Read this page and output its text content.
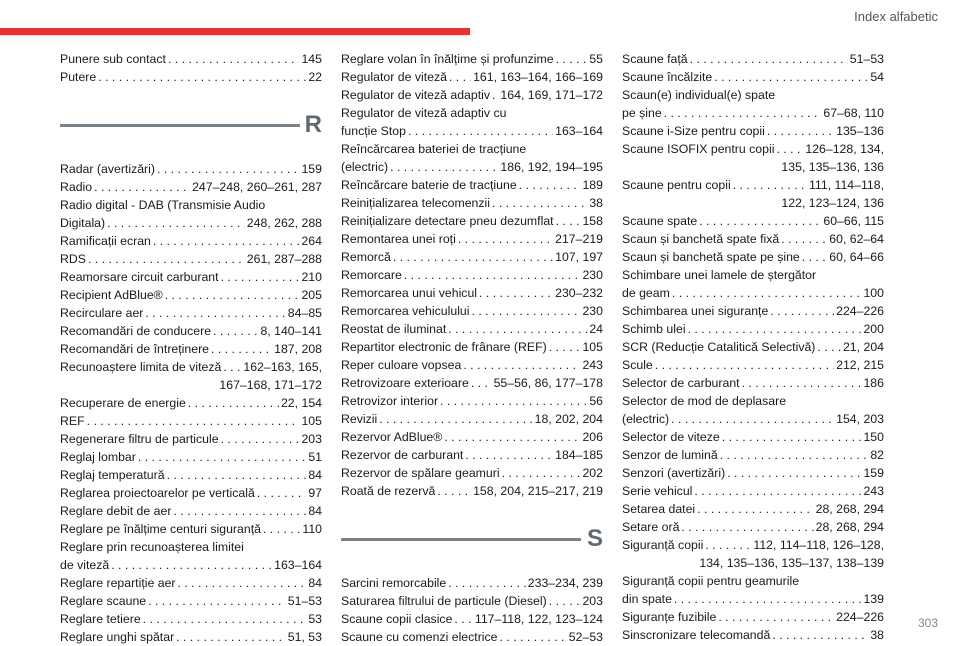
Index alfabetic
Punere sub contact . . .	145
Putere . . .	22
R
Radar (avertizări) . . .	159
Radio . . .	247–248, 260–261, 287
Radio digital - DAB (Transmisie Audio
Digitala) . . .	248, 262, 288
Ramificații ecran . . .	264
RDS . . .	261, 287–288
Reamorsare circuit carburant . . .	210
Recipient AdBlue® . . .	205
Recirculare aer . . .	84–85
Recomandări de conducere . . .	8, 140–141
Recomandări de întreținere . . .	187, 208
Recunoaștere limita de viteză . . . 162–163, 165,
167–168, 171–172
Recuperare de energie . . .	22, 154
REF . . .	105
Regenerare filtru de particule . . .	203
Reglaj lombar . . .	51
Reglaj temperatură . . .	84
Reglarea proiectoarelor pe verticală . . .	97
Reglare debit de aer . . .	84
Reglare pe înălțime centuri siguranță . . .	110
Reglare prin recunoașterea limitei
de viteză . . .	163–164
Reglare repartiție aer . . .	84
Reglare scaune . . .	51–53
Reglare tetiere . . .	53
Reglare unghi spătar . . .	51, 53
Reglare volan în înălțime și profunzime . . .	55
Regulator de viteză . . . 161, 163–164, 166–169
Regulator de viteză adaptiv . . . 164, 169, 171–172
Regulator de viteză adaptiv cu
funcție Stop . . .	163–164
Reîncărcarea bateriei de tracțiune
(electric) . . .	186, 192, 194–195
Reîncărcare baterie de tracțiune . . .	189
Reinițializarea telecomenzii . . .	38
Reinițializare detectare pneu dezumflat . . . 158
Remontarea unei roți . . .	217–219
Remorcă . . .	107, 197
Remorcare . . .	230
Remorcarea unui vehicul . . .	230–232
Remorcarea vehiculului . . .	230
Reostat de iluminat . . .	24
Repartitor electronic de frânare (REF) . . .	105
Reper culoare vopsea . . .	243
Retrovizoare exterioare . . . 55–56, 86, 177–178
Retrovizor interior . . .	56
Revizii . . .	18, 202, 204
Rezervor AdBlue® . . .	206
Rezervor de carburant . . .	184–185
Rezervor de spălare geamuri . . .	202
Roată de rezervă . . .	158, 204, 215–217, 219
S
Sarcini remorcabile . . .	233–234, 239
Saturarea filtrului de particule (Diesel) . . .	203
Scaune copii clasice . . . 117–118, 122, 123–124
Scaune cu comenzi electrice . . .	52–53
Scaune față . . .	51–53
Scaune încălzite . . .	54
Scaun(e) individual(e) spate
pe șine . . .	67–68, 110
Scaune i-Size pentru copii . . .	135–136
Scaune ISOFIX pentru copii . . .	126–128, 134,
135, 135–136, 136
Scaune pentru copii . . .	111, 114–118,
122, 123–124, 136
Scaune spate . . .	60–66, 115
Scaun și banchetă spate fixă . . .	60, 62–64
Scaun și banchetă spate pe șine . . . 60, 64–66
Schimbare unei lamele de ștergător
de geam . . .	100
Schimbarea unei siguranțe . . .	224–226
Schimb ulei . . .	200
SCR (Reducție Catalitică Selectivă) . . . 21, 204
Scule . . .	212, 215
Selector de carburant . . .	186
Selector de mod de deplasare
(electric) . . .	154, 203
Selector de viteze . . .	150
Senzor de lumină . . .	82
Senzori (avertizări) . . .	159
Serie vehicul . . .	243
Setarea datei . . .	28, 268, 294
Setare oră . . .	28, 268, 294
Siguranță copii . . .	112, 114–118, 126–128,
134, 135–136, 135–137, 138–139
Siguranță copii pentru geamurile
din spate . . .	139
Siguranțe fuzibile . . .	224–226
Sinscronizare telecomandă . . .	38
303
